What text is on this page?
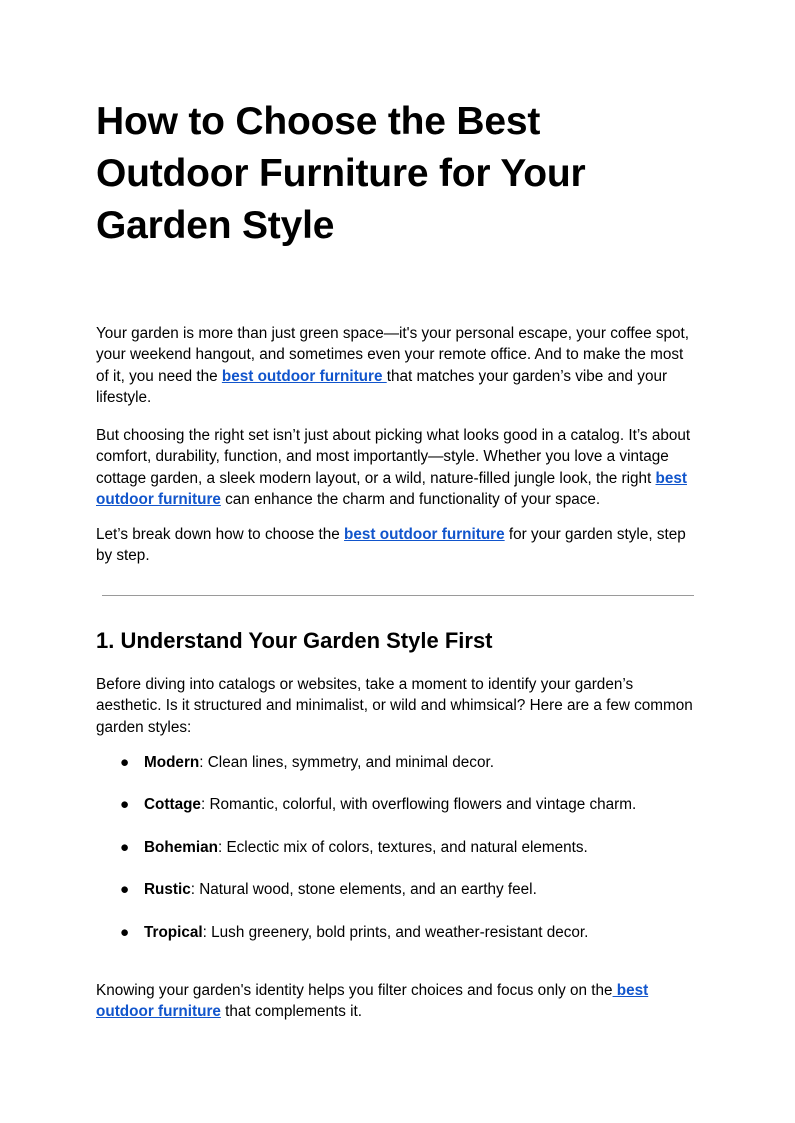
How to Choose the Best Outdoor Furniture for Your Garden Style

Your garden is more than just green space—it's your personal escape, your coffee spot, your weekend hangout, and sometimes even your remote office. And to make the most of it, you need the best outdoor furniture that matches your garden’s vibe and your lifestyle.

But choosing the right set isn’t just about picking what looks good in a catalog. It’s about comfort, durability, function, and most importantly—style. Whether you love a vintage cottage garden, a sleek modern layout, or a wild, nature-filled jungle look, the right best outdoor furniture can enhance the charm and functionality of your space.

Let’s break down how to choose the best outdoor furniture for your garden style, step by step.

1. Understand Your Garden Style First

Before diving into catalogs or websites, take a moment to identify your garden’s aesthetic. Is it structured and minimalist, or wild and whimsical? Here are a few common garden styles:

● Modern: Clean lines, symmetry, and minimal decor.
● Cottage: Romantic, colorful, with overflowing flowers and vintage charm.
● Bohemian: Eclectic mix of colors, textures, and natural elements.
● Rustic: Natural wood, stone elements, and an earthy feel.
● Tropical: Lush greenery, bold prints, and weather-resistant decor.

Knowing your garden's identity helps you filter choices and focus only on the best outdoor furniture that complements it.
